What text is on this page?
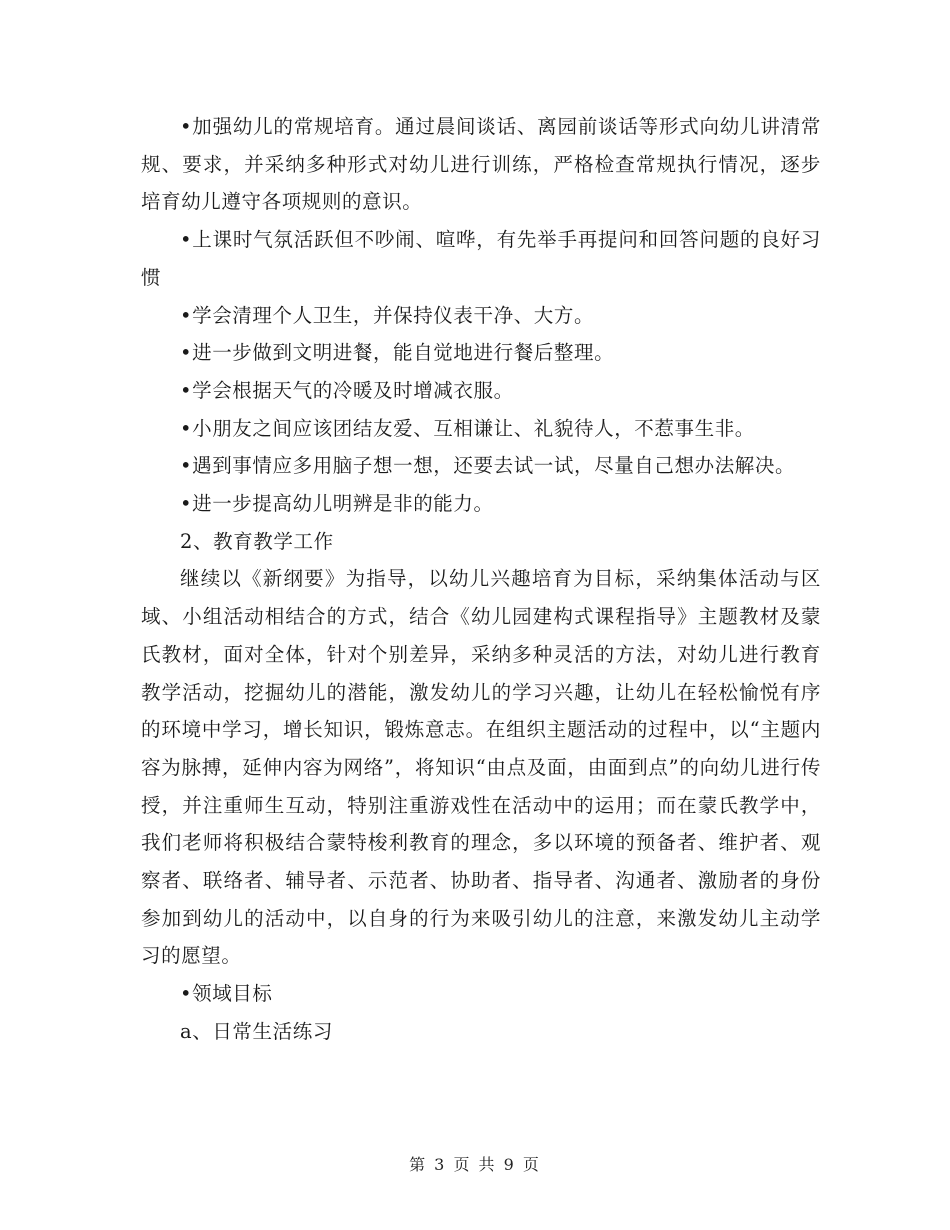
•加强幼儿的常规培育。通过晨间谈话、离园前谈话等形式向幼儿讲清常规、要求，并采纳多种形式对幼儿进行训练，严格检查常规执行情况，逐步培育幼儿遵守各项规则的意识。

•上课时气氛活跃但不吵闹、喧哗，有先举手再提问和回答问题的良好习惯

•学会清理个人卫生，并保持仪表干净、大方。

•进一步做到文明进餐，能自觉地进行餐后整理。

•学会根据天气的冷暖及时增减衣服。

•小朋友之间应该团结友爱、互相谦让、礼貌待人，不惹事生非。

•遇到事情应多用脑子想一想，还要去试一试，尽量自己想办法解决。

•进一步提高幼儿明辨是非的能力。

2、教育教学工作

继续以《新纲要》为指导，以幼儿兴趣培育为目标，采纳集体活动与区域、小组活动相结合的方式，结合《幼儿园建构式课程指导》主题教材及蒙氏教材，面对全体，针对个别差异，采纳多种灵活的方法，对幼儿进行教育教学活动，挖掘幼儿的潜能，激发幼儿的学习兴趣，让幼儿在轻松愉悦有序的环境中学习，增长知识，锻炼意志。在组织主题活动的过程中，以“主题内容为脉搏，延伸内容为网络”，将知识“由点及面，由面到点”的向幼儿进行传授，并注重师生互动，特别注重游戏性在活动中的运用；而在蒙氏教学中，我们老师将积极结合蒙特梭利教育的理念，多以环境的预备者、维护者、观察者、联络者、辅导者、示范者、协助者、指导者、沟通者、激励者的身份参加到幼儿的活动中，以自身的行为来吸引幼儿的注意，来激发幼儿主动学习的愿望。

•领域目标

a、日常生活练习

第 3 页 共 9 页
